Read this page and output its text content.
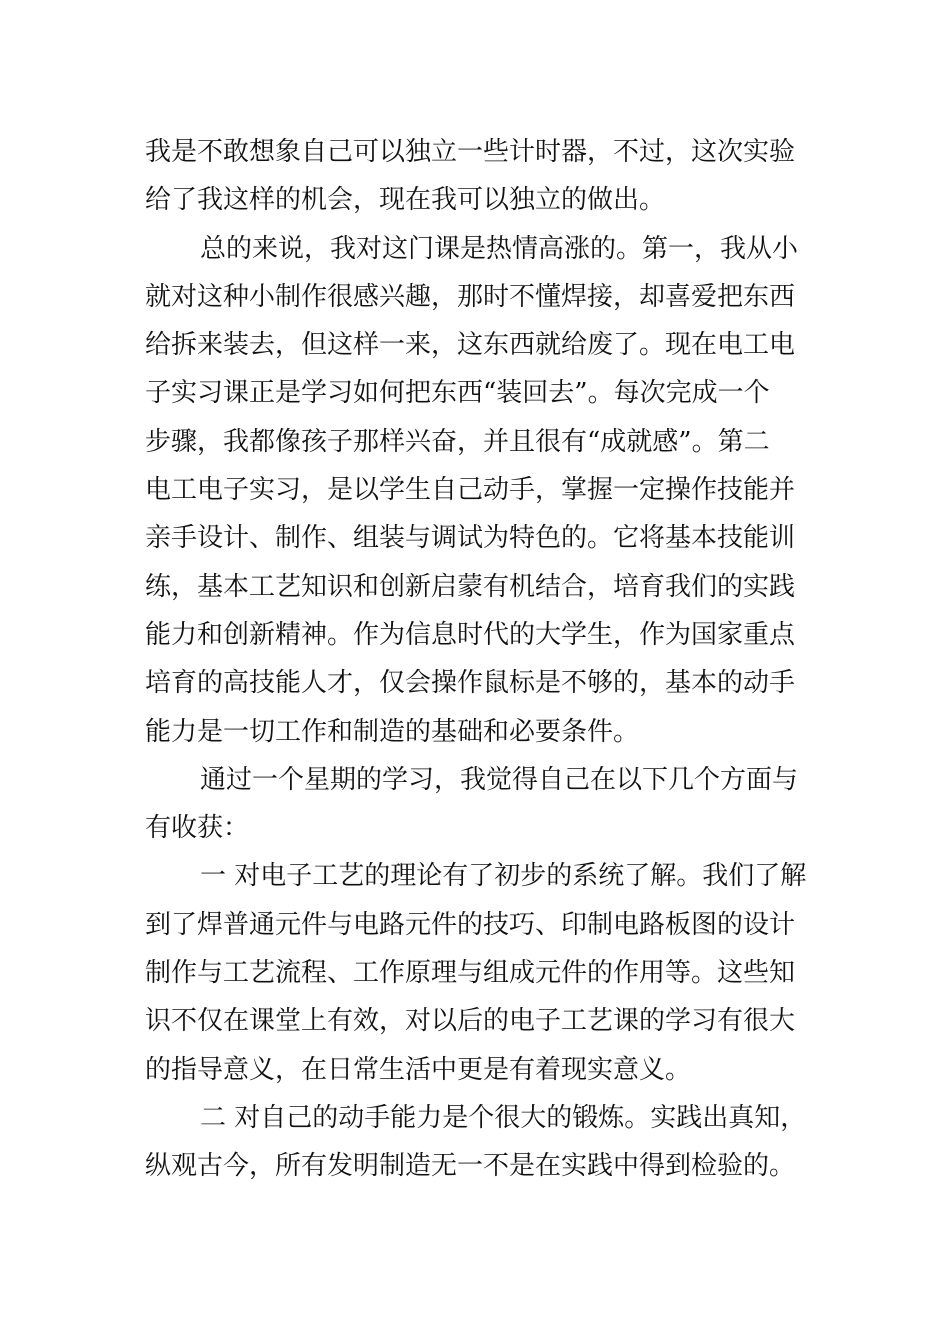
我是不敢想象自己可以独立一些计时器，不过，这次实验
给了我这样的机会，现在我可以独立的做出。
总的来说，我对这门课是热情高涨的。第一，我从小
就对这种小制作很感兴趣，那时不懂焊接，却喜爱把东西
给拆来装去，但这样一来，这东西就给废了。现在电工电
子实习课正是学习如何把东西“装回去”。每次完成一个
步骤，我都像孩子那样兴奋，并且很有“成就感”。第二
电工电子实习，是以学生自己动手，掌握一定操作技能并
亲手设计、制作、组装与调试为特色的。它将基本技能训
练，基本工艺知识和创新启蒙有机结合，培育我们的实践
能力和创新精神。作为信息时代的大学生，作为国家重点
培育的高技能人才，仅会操作鼠标是不够的，基本的动手
能力是一切工作和制造的基础和必要条件。
通过一个星期的学习，我觉得自己在以下几个方面与
有收获：
一 对电子工艺的理论有了初步的系统了解。我们了解
到了焊普通元件与电路元件的技巧、印制电路板图的设计
制作与工艺流程、工作原理与组成元件的作用等。这些知
识不仅在课堂上有效，对以后的电子工艺课的学习有很大
的指导意义，在日常生活中更是有着现实意义。
二 对自己的动手能力是个很大的锻炼。实践出真知，
纵观古今，所有发明制造无一不是在实践中得到检验的。
